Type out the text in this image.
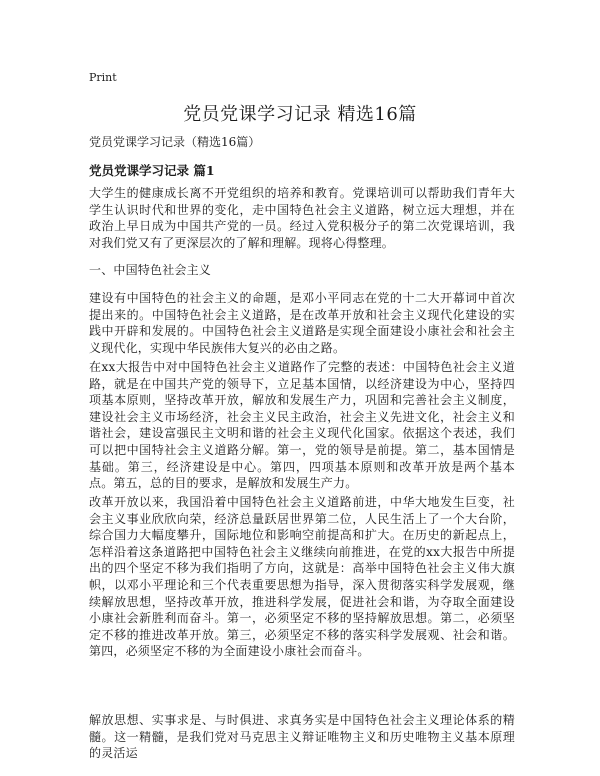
Print
党员党课学习记录 精选16篇

党员党课学习记录（精选16篇）

党员党课学习记录 篇1

大学生的健康成长离不开党组织的培养和教育。党课培训可以帮助我们青年大学生认识时代和世界的变化，走中国特色社会主义道路，树立远大理想，并在政治上早日成为中国共产党的一员。经过入党积极分子的第二次党课培训，我对我们党又有了更深层次的了解和理解。现将心得整理。

一、中国特色社会主义

建设有中国特色的社会主义的命题，是邓小平同志在党的十二大开幕词中首次提出来的。中国特色社会主义道路，是在改革开放和社会主义现代化建设的实践中开辟和发展的。中国特色社会主义道路是实现全面建设小康社会和社会主义现代化，实现中华民族伟大复兴的必由之路。

在xx大报告中对中国特色社会主义道路作了完整的表述：中国特色社会主义道路，就是在中国共产党的领导下，立足基本国情，以经济建设为中心，坚持四项基本原则，坚持改革开放，解放和发展生产力，巩固和完善社会主义制度，建设社会主义市场经济，社会主义民主政治，社会主义先进文化，社会主义和谐社会，建设富强民主文明和谐的社会主义现代化国家。依据这个表述，我们可以把中国特社会主义道路分解。第一，党的领导是前提。第二，基本国情是基础。第三，经济建设是中心。第四，四项基本原则和改革开放是两个基本点。第五，总的目的要求，是解放和发展生产力。

改革开放以来，我国沿着中国特色社会主义道路前进，中华大地发生巨变，社会主义事业欣欣向荣，经济总量跃居世界第二位，人民生活上了一个大台阶，综合国力大幅度攀升，国际地位和影响空前提高和扩大。在历史的新起点上，怎样沿着这条道路把中国特色社会主义继续向前推进，在党的xx大报告中所提出的四个坚定不移为我们指明了方向，这就是：高举中国特色社会主义伟大旗帜，以邓小平理论和三个代表重要思想为指导，深入贯彻落实科学发展观，继续解放思想，坚持改革开放，推进科学发展，促进社会和谐，为夺取全面建设小康社会新胜利而奋斗。第一，必须坚定不移的坚持解放思想。第二，必须坚定不移的推进改革开放。第三，必须坚定不移的落实科学发展观、社会和谐。第四，必须坚定不移的为全面建设小康社会而奋斗。

解放思想、实事求是、与时俱进、求真务实是中国特色社会主义理论体系的精髓。这一精髓，是我们党对马克思主义辩证唯物主义和历史唯物主义基本原理的灵活运
